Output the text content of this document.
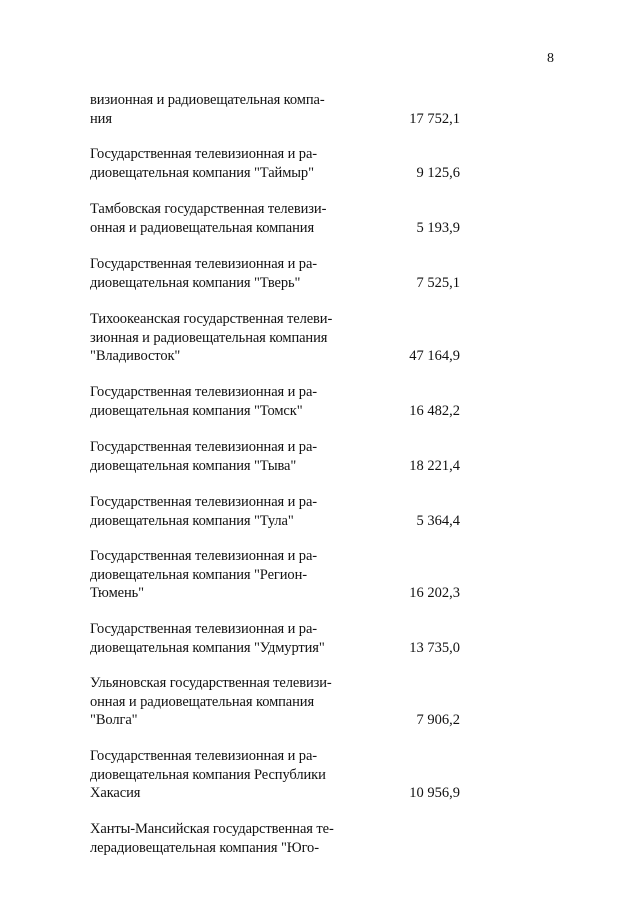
8
визионная и радиовещательная компа-
ния	17 752,1
Государственная телевизионная и ра-
диовещательная компания "Таймыр"	9 125,6
Тамбовская государственная телевизи-
онная и радиовещательная компания	5 193,9
Государственная телевизионная и ра-
диовещательная компания "Тверь"	7 525,1
Тихоокеанская государственная телеви-
зионная и радиовещательная компания
"Владивосток"	47 164,9
Государственная телевизионная и ра-
диовещательная компания "Томск"	16 482,2
Государственная телевизионная и ра-
диовещательная компания "Тыва"	18 221,4
Государственная телевизионная и ра-
диовещательная компания "Тула"	5 364,4
Государственная телевизионная и ра-
диовещательная компания "Регион-
Тюмень"	16 202,3
Государственная телевизионная и ра-
диовещательная компания "Удмуртия"	13 735,0
Ульяновская государственная телевизи-
онная и радиовещательная компания
"Волга"	7 906,2
Государственная телевизионная и ра-
диовещательная компания Республики
Хакасия	10 956,9
Ханты-Мансийская государственная те-
лерадиовещательная компания "Юго-
